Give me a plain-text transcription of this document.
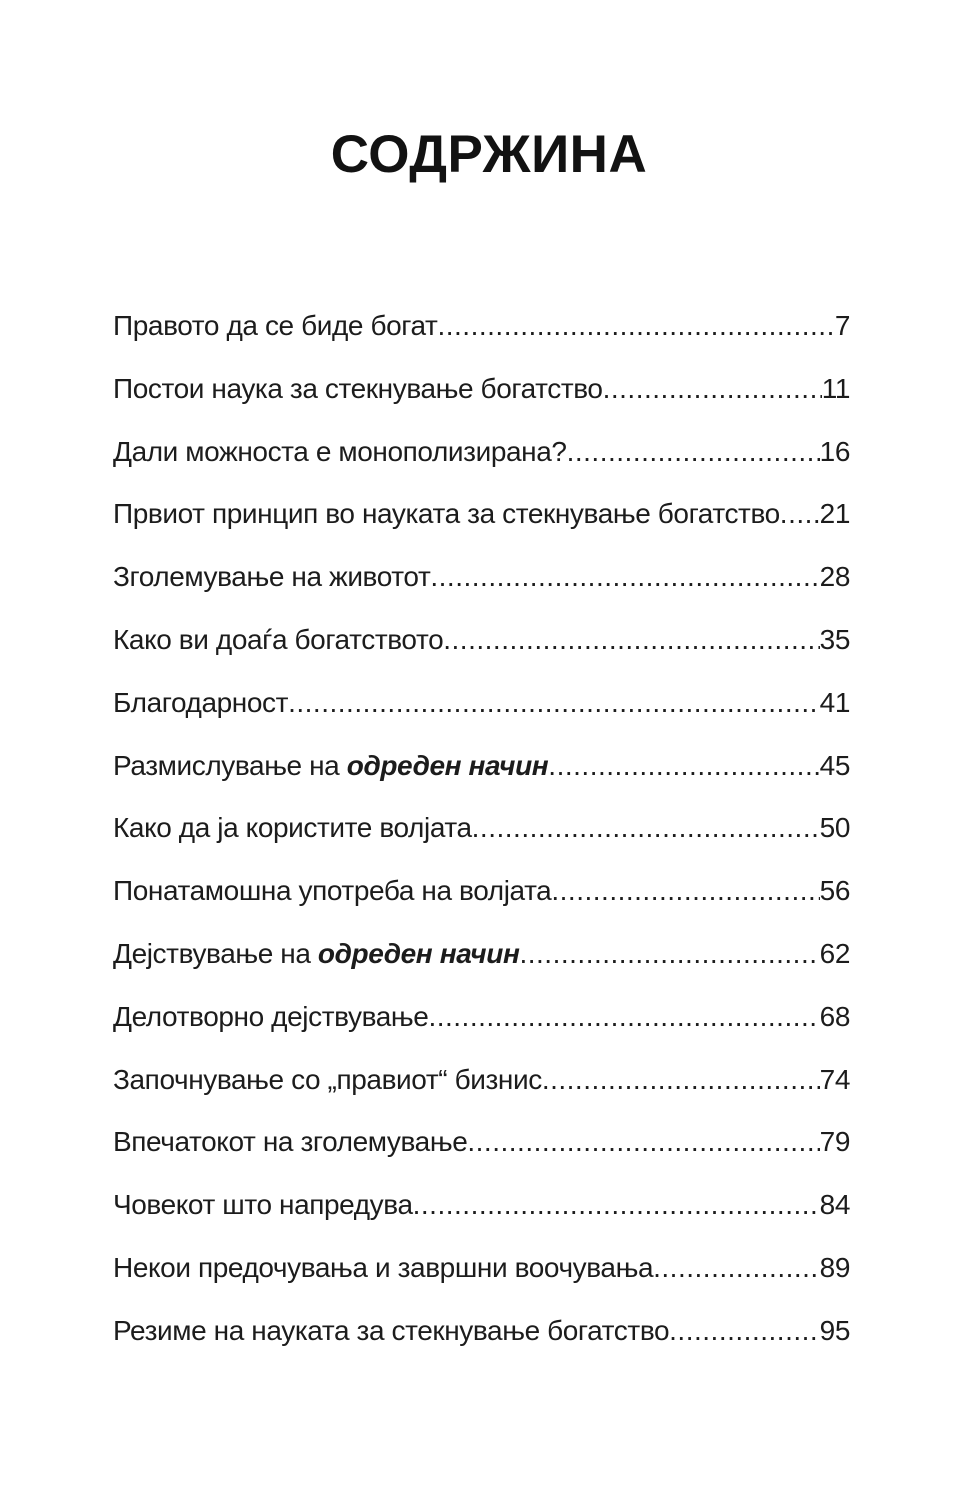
СОДРЖИНА
Правото да се биде богат .....	7
Постои наука за стекнување богатство .....	11
Дали можноста е монополизирана? .....	16
Првиот принцип во науката за стекнување богатство ..... 21
Зголемување на животот .....	28
Како ви доаѓа богатството .....	35
Благодарност .....	41
Размислување на одреден начин .....	45
Како да ја користите волјата .....	50
Понатамошна употреба на волјата .....	56
Дејствување на одреден начин .....	62
Делотворно дејствување .....	68
Започнување со „правиот“ бизнис .....	74
Впечатокот на зголемување .....	79
Човекот што напредува .....	84
Некои предочувања и завршни воочувања .....	89
Резиме на науката за стекнување богатство .....	95
